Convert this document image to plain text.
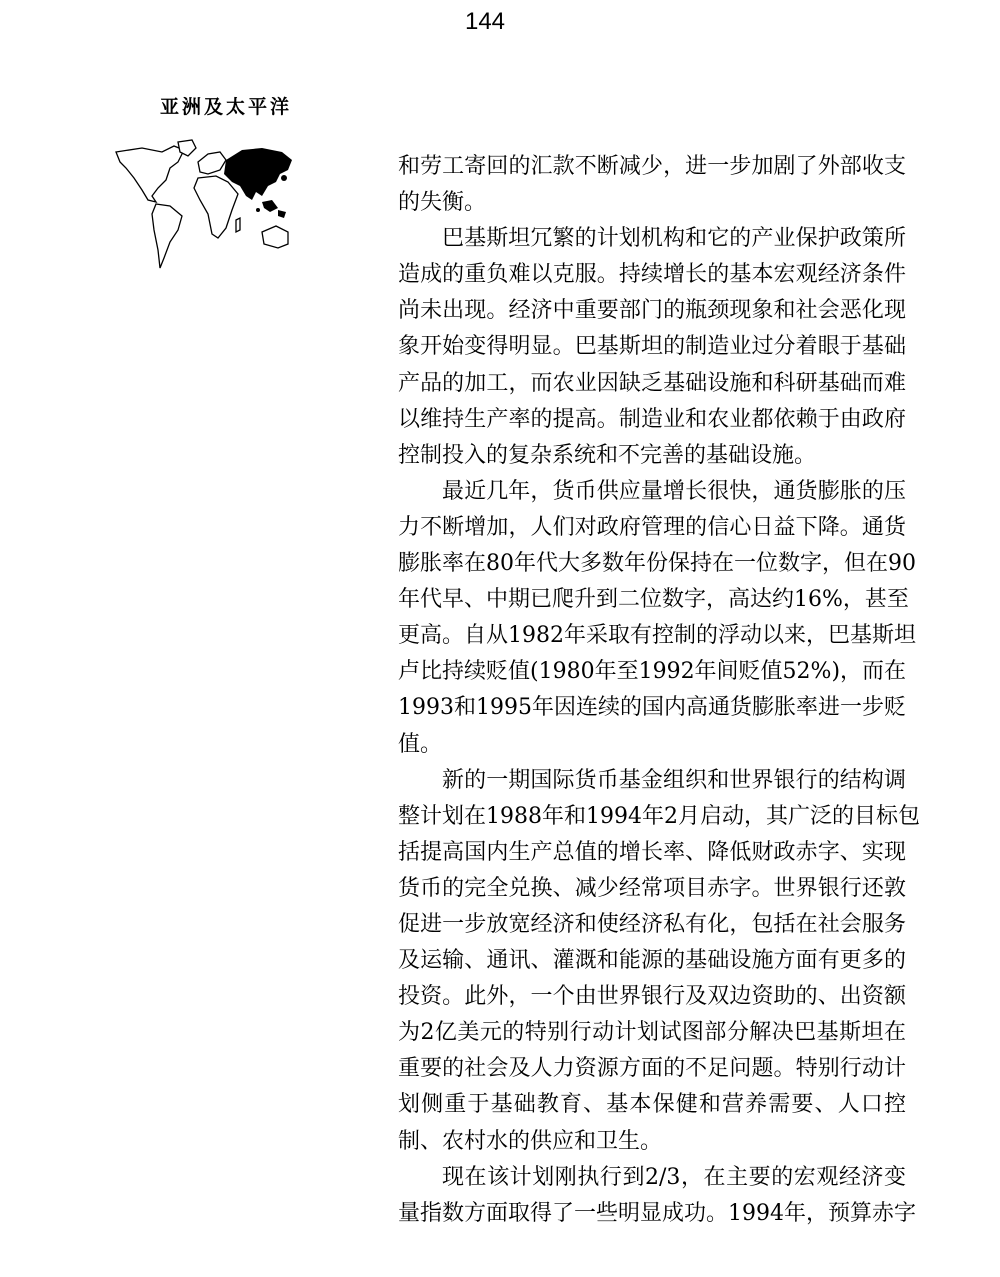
144
亚洲及太平洋
和劳工寄回的汇款不断减少，进一步加剧了外部收支
的失衡。
巴基斯坦冗繁的计划机构和它的产业保护政策所
造成的重负难以克服。持续增长的基本宏观经济条件
尚未出现。经济中重要部门的瓶颈现象和社会恶化现
象开始变得明显。巴基斯坦的制造业过分着眼于基础
产品的加工，而农业因缺乏基础设施和科研基础而难
以维持生产率的提高。制造业和农业都依赖于由政府
控制投入的复杂系统和不完善的基础设施。
最近几年，货币供应量增长很快，通货膨胀的压
力不断增加，人们对政府管理的信心日益下降。通货
膨胀率在80年代大多数年份保持在一位数字，但在90
年代早、中期已爬升到二位数字，高达约16%，甚至
更高。自从1982年采取有控制的浮动以来，巴基斯坦
卢比持续贬值(1980年至1992年间贬值52%)，而在
1993和1995年因连续的国内高通货膨胀率进一步贬
值。
新的一期国际货币基金组织和世界银行的结构调
整计划在1988年和1994年2月启动，其广泛的目标包
括提高国内生产总值的增长率、降低财政赤字、实现
货币的完全兑换、减少经常项目赤字。世界银行还敦
促进一步放宽经济和使经济私有化，包括在社会服务
及运输、通讯、灌溉和能源的基础设施方面有更多的
投资。此外，一个由世界银行及双边资助的、出资额
为2亿美元的特别行动计划试图部分解决巴基斯坦在
重要的社会及人力资源方面的不足问题。特别行动计
划侧重于基础教育、基本保健和营养需要、人口控
制、农村水的供应和卫生。
现在该计划刚执行到2/3，在主要的宏观经济变
量指数方面取得了一些明显成功。1994年，预算赤字
